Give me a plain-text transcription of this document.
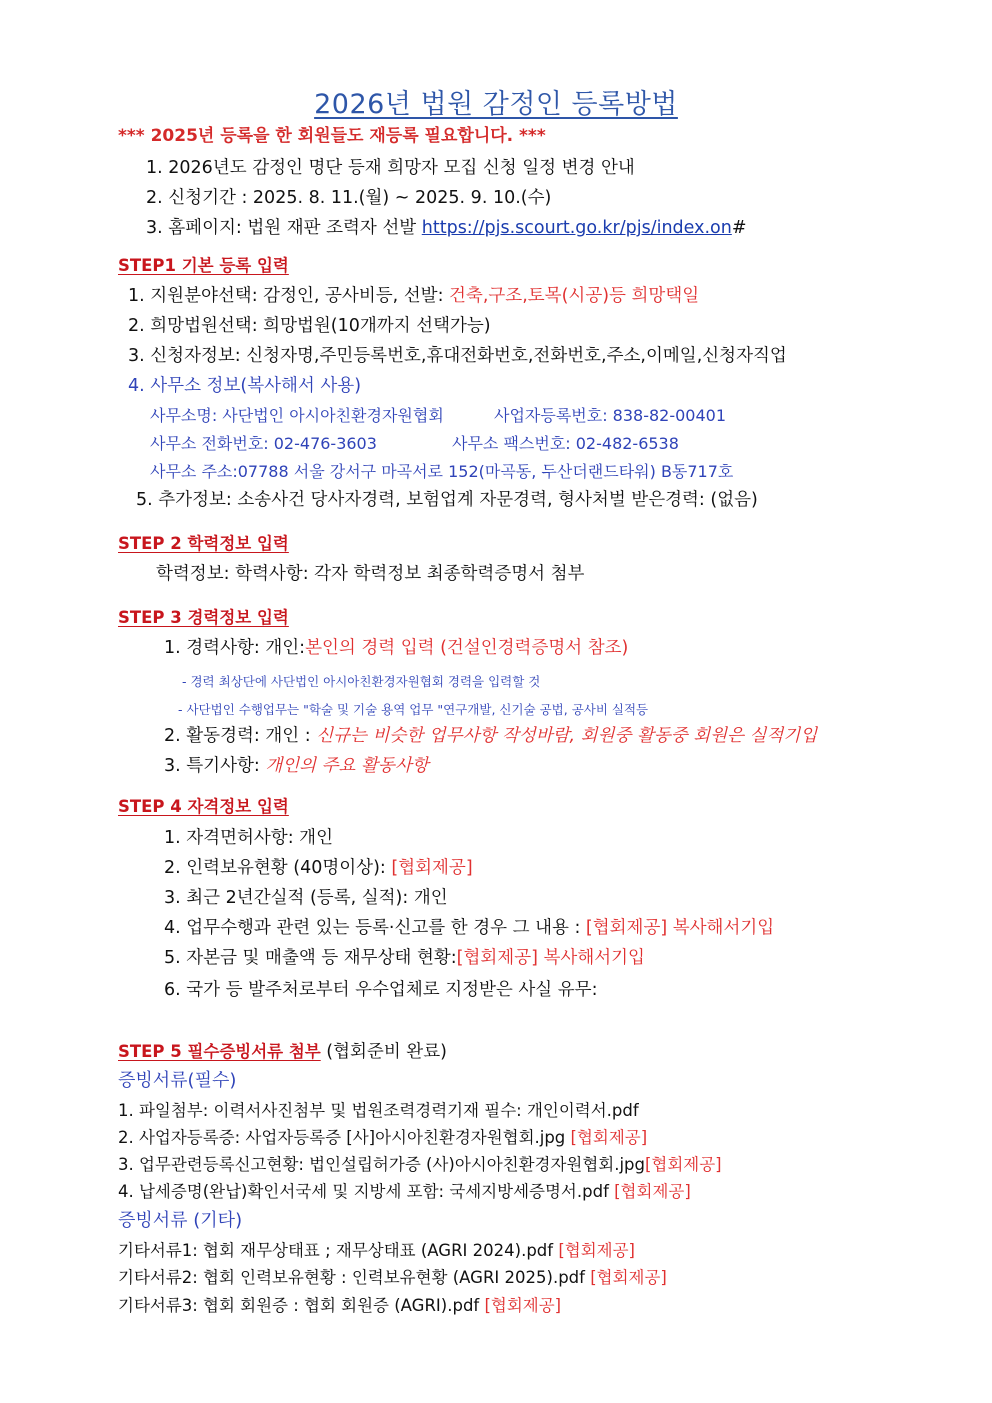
2026년 법원 감정인 등록방법
*** 2025년 등록을 한 회원들도 재등록 필요합니다. ***
1. 2026년도 감정인 명단 등재 희망자 모집 신청 일정 변경 안내
2. 신청기간 : 2025. 8. 11.(월) ~ 2025. 9. 10.(수)
3. 홈페이지: 법원 재판 조력자 선발 https://pjs.scourt.go.kr/pjs/index.on#
STEP1 기본 등록 입력
1. 지원분야선택: 감정인, 공사비등, 선발: 건축,구조,토목(시공)등 희망택일
2. 희망법원선택: 희망법원(10개까지 선택가능)
3. 신청자정보: 신청자명,주민등록번호,휴대전화번호,전화번호,주소,이메일,신청자직업
4. 사무소 정보(복사해서 사용)
사무소명: 사단법인 아시아친환경자원협회	사업자등록번호: 838-82-00401
사무소 전화번호: 02-476-3603	사무소 팩스번호: 02-482-6538
사무소 주소:07788 서울 강서구 마곡서로 152(마곡동, 두산더랜드타워) B동717호
5. 추가정보: 소송사건 당사자경력, 보험업계 자문경력, 형사처벌 받은경력: (없음)
STEP 2 학력정보 입력
학력정보: 학력사항: 각자 학력정보 최종학력증명서 첨부
STEP 3 경력정보 입력
1. 경력사항: 개인:본인의 경력 입력 (건설인경력증명서 참조)
- 경력 최상단에 사단법인 아시아친환경자원협회 경력을 입력할 것
- 사단법인 수행업무는 "학술 및 기술 용역 업무 "연구개발, 신기술 공법, 공사비 실적등
2. 활동경력: 개인 : 신규는 비슷한 업무사항 작성바람, 회원중 활동중 회원은 실적기입
3. 특기사항: 개인의 주요 활동사항
STEP 4 자격정보 입력
1. 자격면허사항: 개인
2. 인력보유현황 (40명이상): [협회제공]
3. 최근 2년간실적 (등록, 실적): 개인
4. 업무수행과 관련 있는 등록·신고를 한 경우 그 내용 : [협회제공] 복사해서기입
5. 자본금 및 매출액 등 재무상태 현황:[협회제공] 복사해서기입
6. 국가 등 발주처로부터 우수업체로 지정받은 사실 유무:
STEP 5 필수증빙서류 첨부 (협회준비 완료)
증빙서류(필수)
1. 파일첨부: 이력서사진첨부 및 법원조력경력기재 필수: 개인이력서.pdf
2. 사업자등록증: 사업자등록증 [사]아시아친환경자원협회.jpg [협회제공]
3. 업무관련등록신고현황: 법인설립허가증 (사)아시아친환경자원협회.jpg[협회제공]
4. 납세증명(완납)확인서국세 및 지방세 포함: 국세지방세증명서.pdf [협회제공]
증빙서류 (기타)
기타서류1: 협회 재무상태표 ; 재무상태표 (AGRI 2024).pdf [협회제공]
기타서류2: 협회 인력보유현황 : 인력보유현황 (AGRI 2025).pdf [협회제공]
기타서류3: 협회 회원증 : 협회 회원증 (AGRI).pdf [협회제공]
